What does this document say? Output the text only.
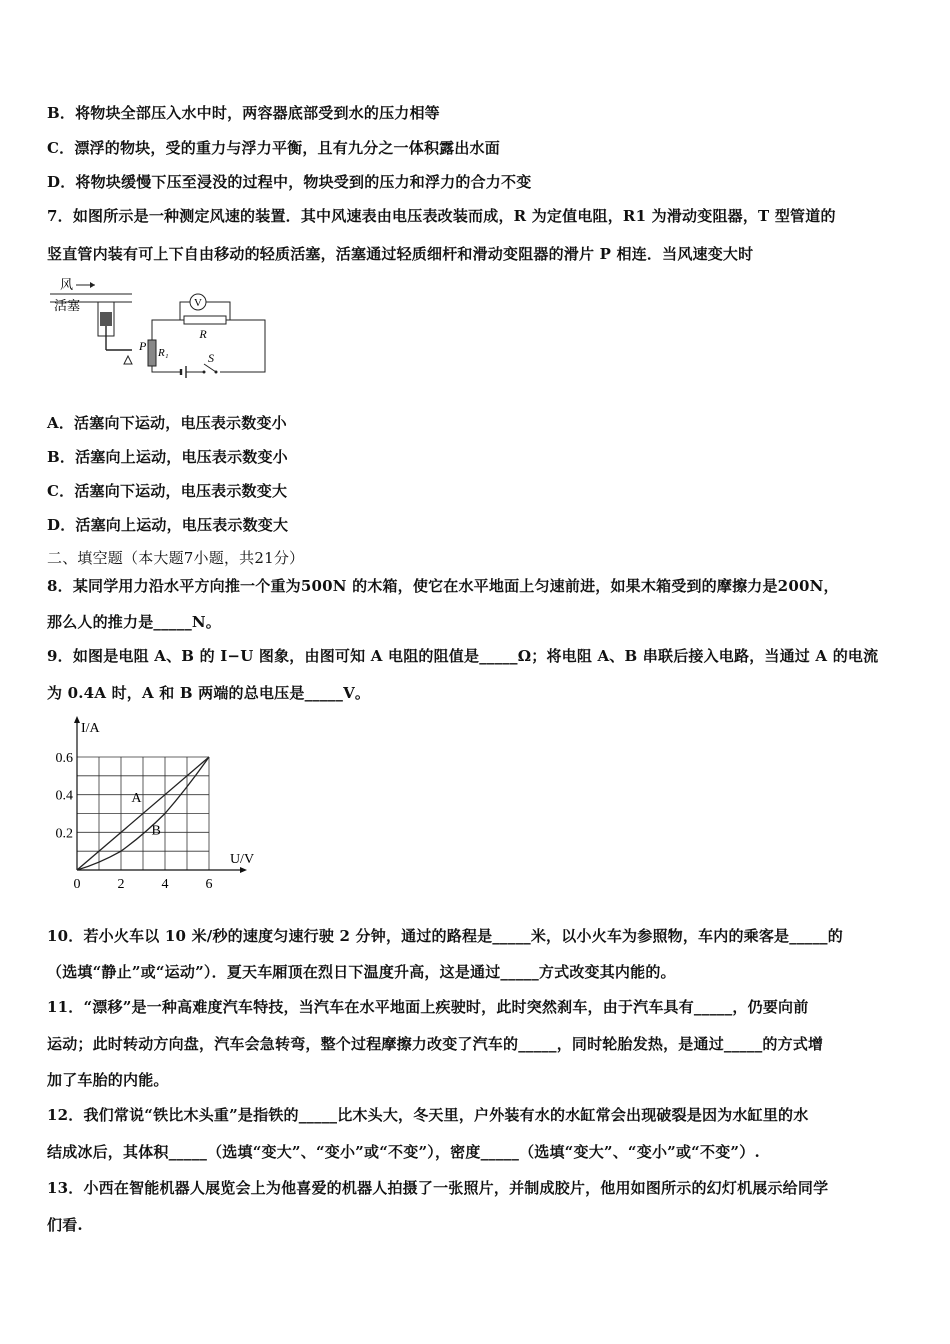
B．将物块全部压入水中时，两容器底部受到水的压力相等
C．漂浮的物块，受的重力与浮力平衡，且有九分之一体积露出水面
D．将物块缓慢下压至浸没的过程中，物块受到的压力和浮力的合力不变
7．如图所示是一种测定风速的装置．其中风速表由电压表改装而成，R 为定值电阻，R1 为滑动变阻器，T 型管道的
竖直管内装有可上下自由移动的轻质活塞，活塞通过轻质细杆和滑动变阻器的滑片 P 相连．当风速变大时
风
活塞
P R₁	S
V
R
A．活塞向下运动，电压表示数变小
B．活塞向上运动，电压表示数变小
C．活塞向下运动，电压表示数变大
D．活塞向上运动，电压表示数变大
二、填空题（本大题7小题，共21分）
8．某同学用力沿水平方向推一个重为500N 的木箱，使它在水平地面上匀速前进，如果木箱受到的摩擦力是200N，
那么人的推力是_____N。
9．如图是电阻 A、B 的 I−U 图象，由图可知 A 电阻的阻值是_____Ω；将电阻 A、B 串联后接入电路，当通过 A 的电流
为 0.4A 时，A 和 B 两端的总电压是_____V。
I/A
U/V
0	2	4	6
0.2
0.4
0.6
A
B
10．若小火车以 10 米/秒的速度匀速行驶 2 分钟，通过的路程是_____米，以小火车为参照物，车内的乘客是_____的
（选填“静止”或“运动”）．夏天车厢顶在烈日下温度升高，这是通过_____方式改变其内能的。
11．“漂移”是一种高难度汽车特技，当汽车在水平地面上疾驶时，此时突然刹车，由于汽车具有_____，仍要向前
运动；此时转动方向盘，汽车会急转弯，整个过程摩擦力改变了汽车的_____，同时轮胎发热，是通过_____的方式增
加了车胎的内能。
12．我们常说“铁比木头重”是指铁的_____比木头大，冬天里，户外装有水的水缸常会出现破裂是因为水缸里的水
结成冰后，其体积_____（选填“变大”、“变小”或“不变”），密度_____（选填“变大”、“变小”或“不变”）.
13．小西在智能机器人展览会上为他喜爱的机器人拍摄了一张照片，并制成胶片，他用如图所示的幻灯机展示给同学
们看.
